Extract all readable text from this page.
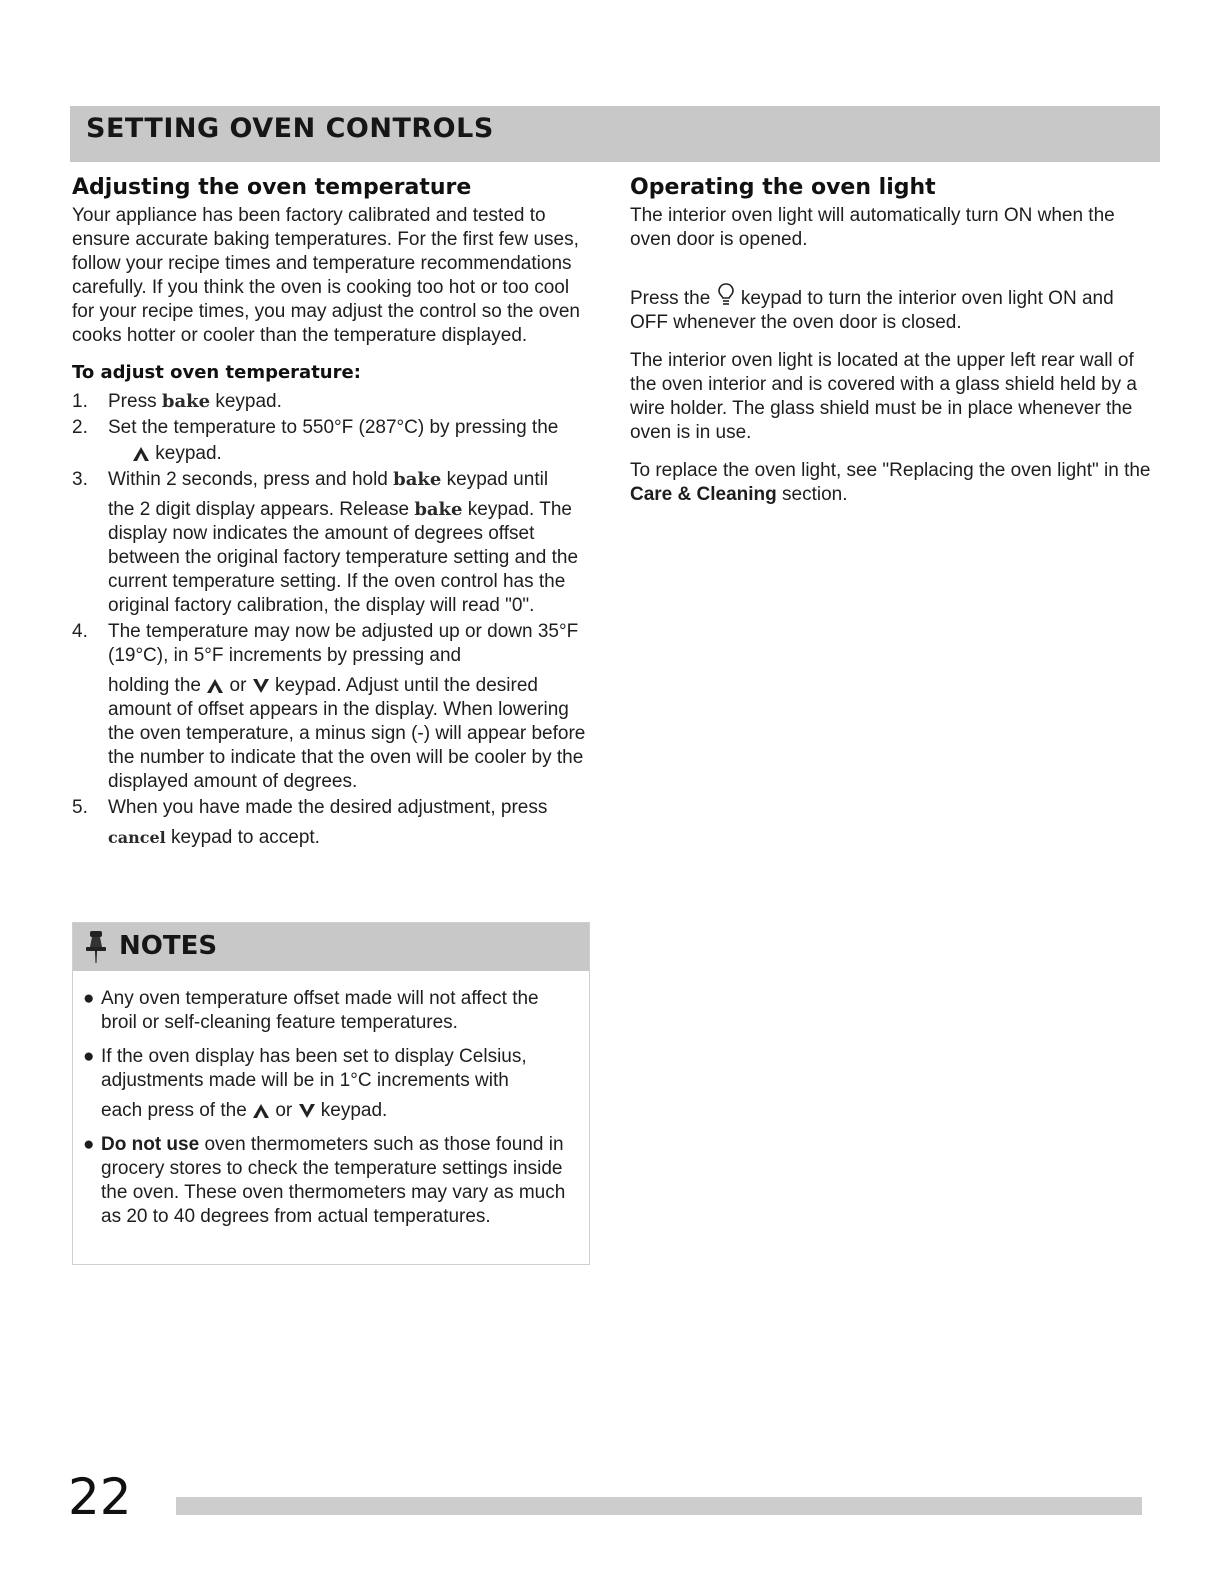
SETTING OVEN CONTROLS
Adjusting the oven temperature

Your appliance has been factory calibrated and tested to ensure accurate baking temperatures. For the first few uses, follow your recipe times and temperature recommendations carefully. If you think the oven is cooking too hot or too cool for your recipe times, you may adjust the control so the oven cooks hotter or cooler than the temperature displayed.

To adjust oven temperature:
1. Press bake keypad.
2. Set the temperature to 550°F (287°C) by pressing the
keypad.
3. Within 2 seconds, press and hold bake keypad until
the 2 digit display appears. Release bake keypad. The display now indicates the amount of degrees offset between the original factory temperature setting and the current temperature setting. If the oven control has the original factory calibration, the display will read "0".
4. The temperature may now be adjusted up or down 35°F (19°C), in 5°F increments by pressing and
holding the  or  keypad. Adjust until the desired amount of offset appears in the display. When lowering the oven temperature, a minus sign (-) will appear before the number to indicate that the oven will be cooler by the displayed amount of degrees.
5. When you have made the desired adjustment, press
cancel keypad to accept.
NOTES
● Any oven temperature offset made will not affect the broil or self-cleaning feature temperatures.
● If the oven display has been set to display Celsius, adjustments made will be in 1°C increments with
each press of the  or  keypad.
● Do not use oven thermometers such as those found in grocery stores to check the temperature settings inside the oven. These oven thermometers may vary as much as 20 to 40 degrees from actual temperatures.
Operating the oven light

The interior oven light will automatically turn ON when the oven door is opened.

Press the  keypad to turn the interior oven light ON and OFF whenever the oven door is closed.

The interior oven light is located at the upper left rear wall of the oven interior and is covered with a glass shield held by a wire holder. The glass shield must be in place whenever the oven is in use.

To replace the oven light, see "Replacing the oven light" in the Care & Cleaning section.

22
